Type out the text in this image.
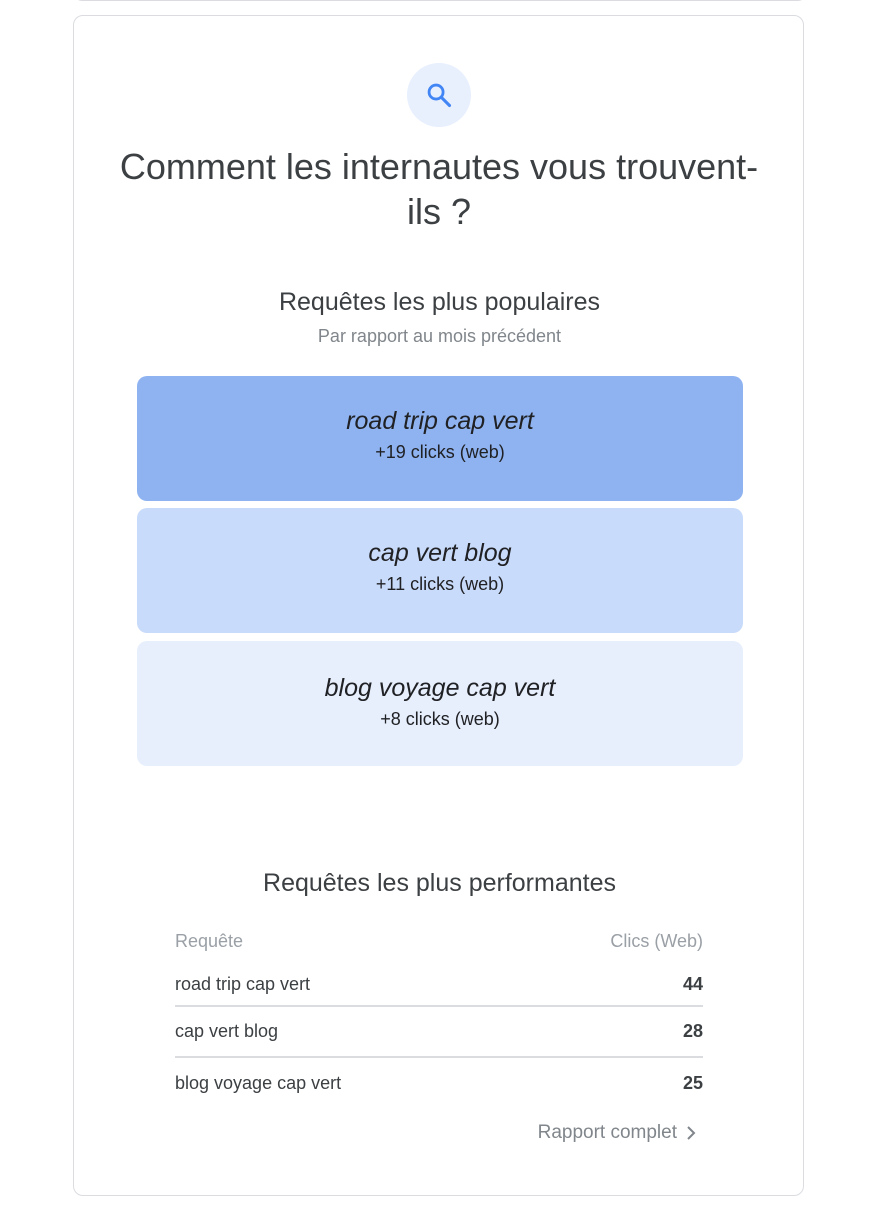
Comment les internautes vous trouvent-ils ?
Requêtes les plus populaires
Par rapport au mois précédent
road trip cap vert
+19 clicks (web)
cap vert blog
+11 clicks (web)
blog voyage cap vert
+8 clicks (web)
Requêtes les plus performantes
Requête	Clics (Web)
road trip cap vert	44
cap vert blog	28
blog voyage cap vert	25
Rapport complet
